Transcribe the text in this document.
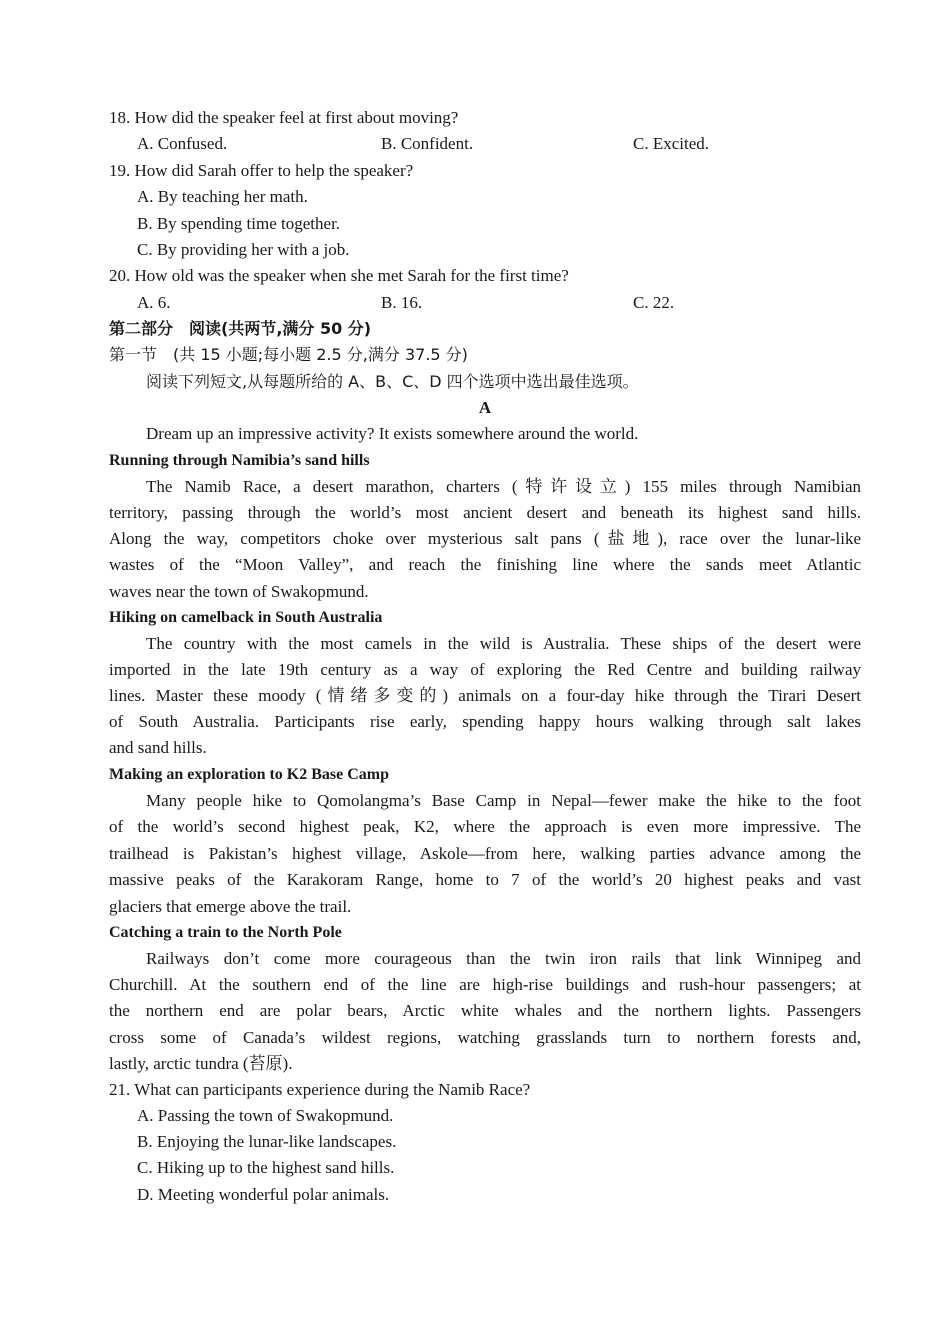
18. How did the speaker feel at first about moving?
A. Confused.	B. Confident.	C. Excited.
19. How did Sarah offer to help the speaker?
A. By teaching her math.
B. By spending time together.
C. By providing her with a job.
20. How old was the speaker when she met Sarah for the first time?
A. 6.	B. 16.	C. 22.
第二部分　阅读(共两节,满分 50 分)
第一节　(共 15 小题;每小题 2.5 分,满分 37.5 分)
阅读下列短文,从每题所给的 A、B、C、D 四个选项中选出最佳选项。
A
Dream up an impressive activity? It exists somewhere around the world.
Running through Namibia’s sand hills
The Namib Race, a desert marathon, charters (特许设立) 155 miles through Namibian
territory, passing through the world’s most ancient desert and beneath its highest sand hills.
Along the way, competitors choke over mysterious salt pans (盐地), race over the lunar-like
wastes of the “Moon Valley”, and reach the finishing line where the sands meet Atlantic
waves near the town of Swakopmund.
Hiking on camelback in South Australia
The country with the most camels in the wild is Australia. These ships of the desert were
imported in the late 19th century as a way of exploring the Red Centre and building railway
lines. Master these moody (情绪多变的) animals on a four-day hike through the Tirari Desert
of South Australia. Participants rise early, spending happy hours walking through salt lakes
and sand hills.
Making an exploration to K2 Base Camp
Many people hike to Qomolangma’s Base Camp in Nepal—fewer make the hike to the foot
of the world’s second highest peak, K2, where the approach is even more impressive. The
trailhead is Pakistan’s highest village, Askole—from here, walking parties advance among the
massive peaks of the Karakoram Range, home to 7 of the world’s 20 highest peaks and vast
glaciers that emerge above the trail.
Catching a train to the North Pole
Railways don’t come more courageous than the twin iron rails that link Winnipeg and
Churchill. At the southern end of the line are high-rise buildings and rush-hour passengers; at
the northern end are polar bears, Arctic white whales and the northern lights. Passengers
cross some of Canada’s wildest regions, watching grasslands turn to northern forests and,
lastly, arctic tundra (苔原).
21. What can participants experience during the Namib Race?
A. Passing the town of Swakopmund.
B. Enjoying the lunar-like landscapes.
C. Hiking up to the highest sand hills.
D. Meeting wonderful polar animals.
